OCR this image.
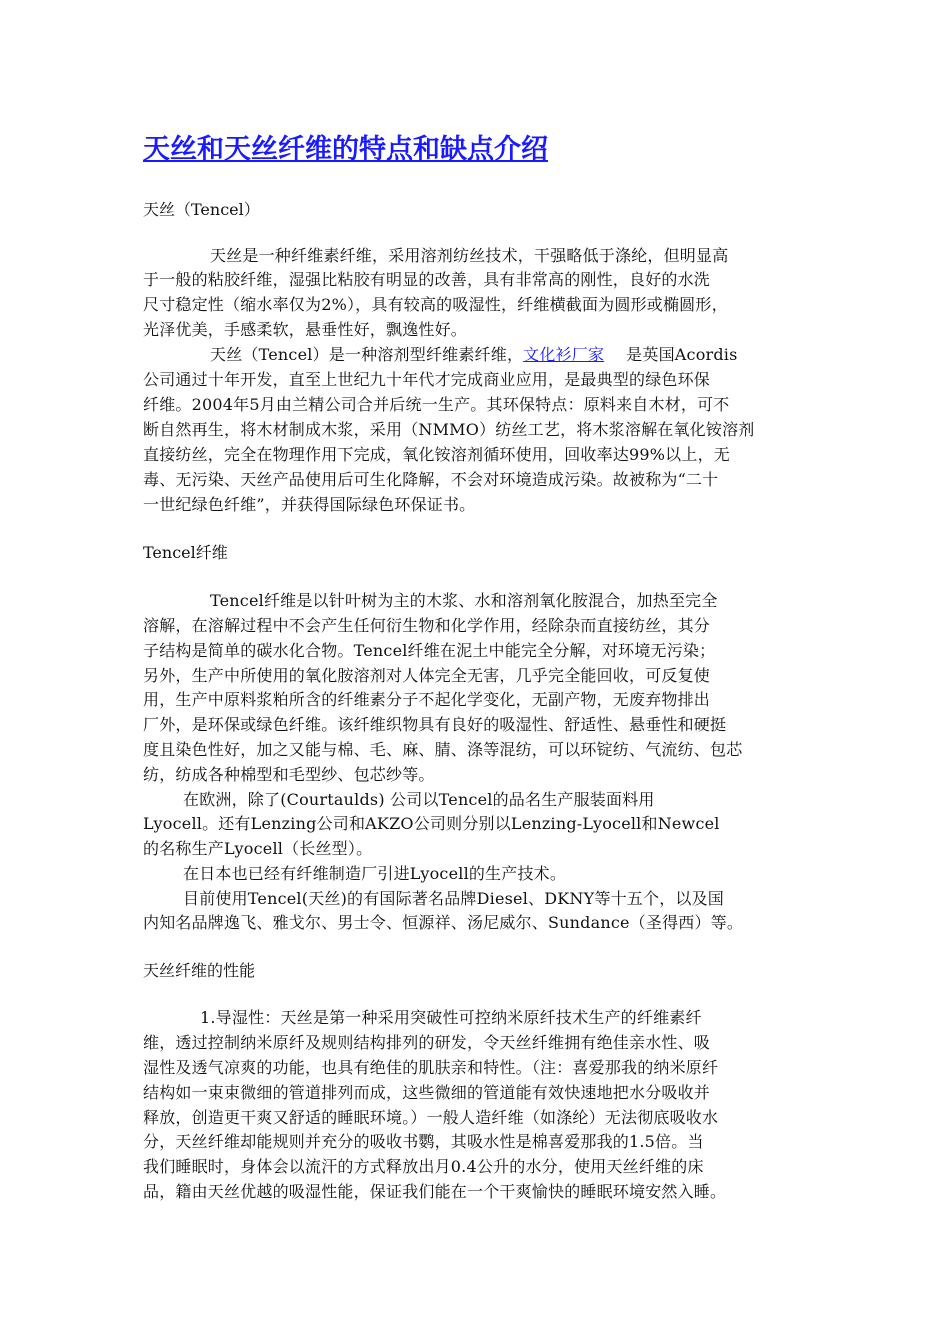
天丝和天丝纤维的特点和缺点介绍
天丝（Tencel）
天丝是一种纤维素纤维，采用溶剂纺丝技术，干强略低于涤纶，但明显高
于一般的粘胶纤维，湿强比粘胶有明显的改善，具有非常高的刚性，良好的水洗
尺寸稳定性（缩水率仅为2%），具有较高的吸湿性，纤维横截面为圆形或椭圆形，
光泽优美，手感柔软，悬垂性好，飘逸性好。
天丝（Tencel）是一种溶剂型纤维素纤维，文化衫厂家 是英国Acordis
公司通过十年开发，直至上世纪九十年代才完成商业应用，是最典型的绿色环保
纤维。2004年5月由兰精公司合并后统一生产。其环保特点：原料来自木材，可不
断自然再生，将木材制成木浆，采用（NMMO）纺丝工艺，将木浆溶解在氧化铵溶剂
直接纺丝，完全在物理作用下完成，氧化铵溶剂循环使用，回收率达99%以上，无
毒、无污染、天丝产品使用后可生化降解，不会对环境造成污染。故被称为“二十
一世纪绿色纤维”，并获得国际绿色环保证书。
Tencel纤维
Tencel纤维是以针叶树为主的木浆、水和溶剂氧化胺混合，加热至完全
溶解，在溶解过程中不会产生任何衍生物和化学作用，经除杂而直接纺丝，其分
子结构是简单的碳水化合物。Tencel纤维在泥土中能完全分解，对环境无污染；
另外，生产中所使用的氧化胺溶剂对人体完全无害，几乎完全能回收，可反复使
用，生产中原料浆粕所含的纤维素分子不起化学变化，无副产物，无废弃物排出
厂外，是环保或绿色纤维。该纤维织物具有良好的吸湿性、舒适性、悬垂性和硬挺
度且染色性好，加之又能与棉、毛、麻、腈、涤等混纺，可以环锭纺、气流纺、包芯
纺，纺成各种棉型和毛型纱、包芯纱等。
在欧洲，除了(Courtaulds) 公司以Tencel的品名生产服装面料用
Lyocell。还有Lenzing公司和AKZO公司则分别以Lenzing-Lyocell和Newcel
的名称生产Lyocell（长丝型）。
在日本也已经有纤维制造厂引进Lyocell的生产技术。
目前使用Tencel(天丝)的有国际著名品牌Diesel、DKNY等十五个，以及国
内知名品牌逸飞、雅戈尔、男士令、恒源祥、汤尼威尔、Sundance（圣得西）等。
天丝纤维的性能
1.导湿性：天丝是第一种采用突破性可控纳米原纤技术生产的纤维素纤
维，透过控制纳米原纤及规则结构排列的研发，令天丝纤维拥有绝佳亲水性、吸
湿性及透气凉爽的功能，也具有绝佳的肌肤亲和特性。（注：喜爱那我的纳米原纤
结构如一束束微细的管道排列而成，这些微细的管道能有效快速地把水分吸收并
释放，创造更干爽又舒适的睡眠环境。）一般人造纤维（如涤纶）无法彻底吸收水
分，天丝纤维却能规则并充分的吸收书鹦，其吸水性是棉喜爱那我的1.5倍。当
我们睡眠时，身体会以流汗的方式释放出月0.4公升的水分，使用天丝纤维的床
品，籍由天丝优越的吸湿性能，保证我们能在一个干爽愉快的睡眠环境安然入睡。
